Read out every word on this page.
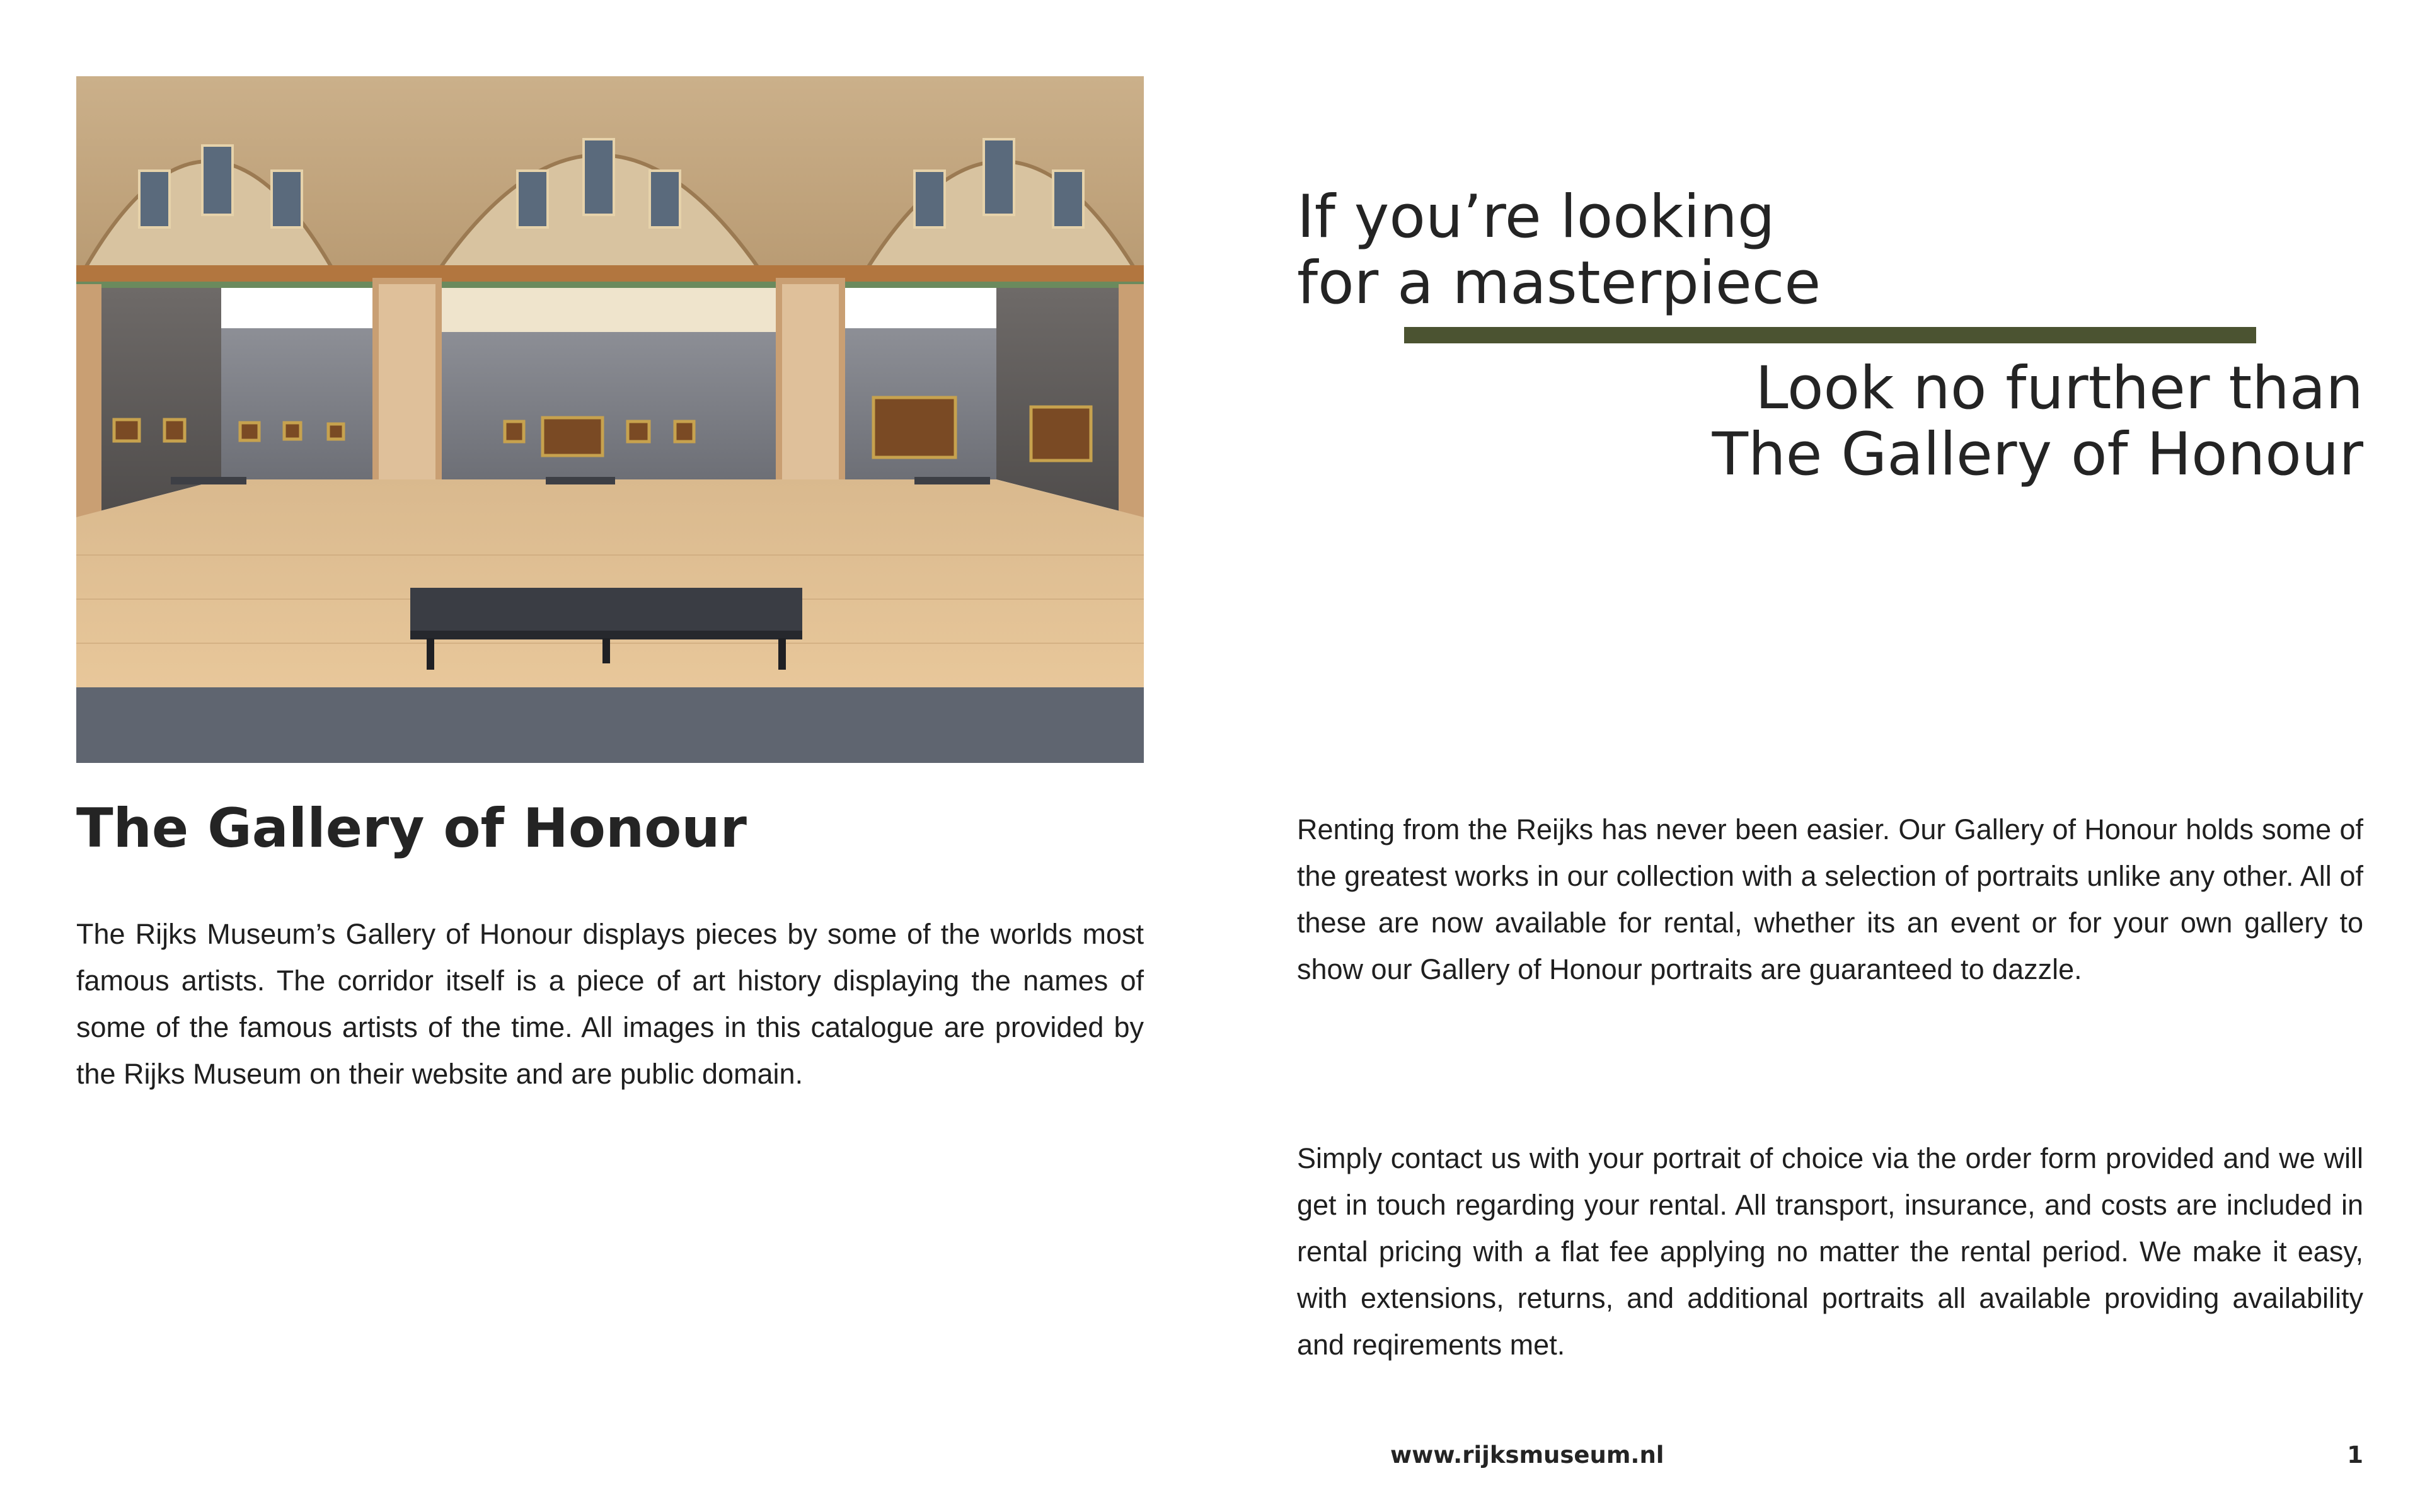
The Gallery of Honour

The Rijks Museum’s Gallery of Honour displays pieces by some of the worlds most famous artists. The corridor itself is a piece of art history displaying the names of some of the famous artists of the time. All images in this catalogue are provided by the Rijks Museum on their website and are public domain.

If you’re looking
for a masterpiece
Look no further than
The Gallery of Honour

Renting from the Reijks has never been easier. Our Gallery of Honour holds some of the greatest works in our collection with a selection of portraits unlike any other. All of these are now available for rental, whether its an event or for your own gallery to show our Gallery of Honour portraits are guaranteed to dazzle.

Simply contact us with your portrait of choice via the order form provided and we will get in touch regarding your rental. All transport, insurance, and costs are included in rental pricing with a flat fee applying no matter the rental period. We make it easy, with extensions, returns, and additional portraits all available providing availability and reqirements met.

www.rijksmuseum.nl	1
